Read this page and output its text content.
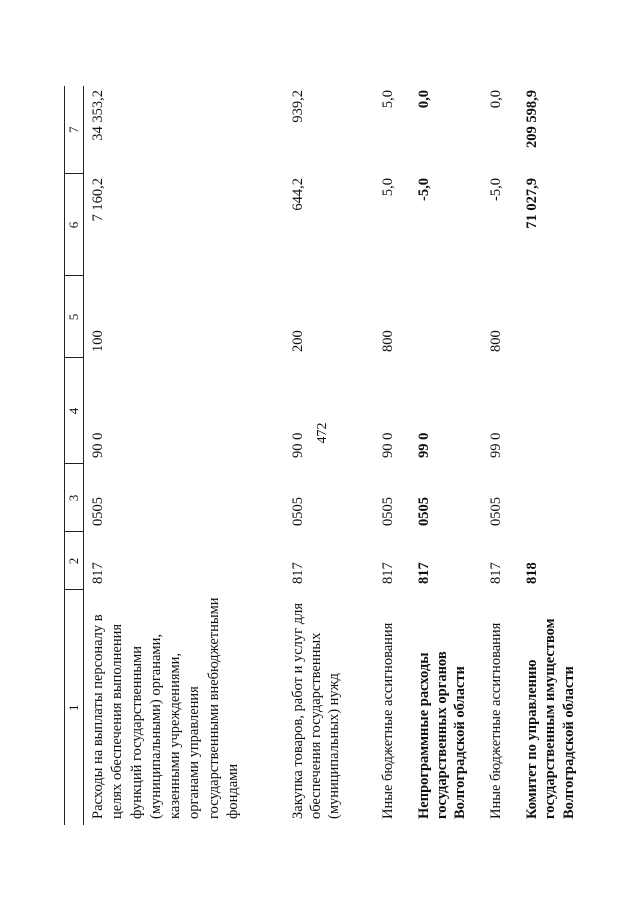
472
1	2	3	4	5	6	7
Расходы на выплаты персоналу в целях обеспечения выполнения функций государственными (муниципальными) органами, казенными учреждениями, органами управления государственными внебюджетными фондами	817	0505	90 0	100	7 160,2	34 353,2
Закупка товаров, работ и услуг для обеспечения государственных (муниципальных) нужд	817	0505	90 0	200	644,2	939,2
Иные бюджетные ассигнования	817	0505	90 0	800	5,0	5,0
Непрограммные расходы государственных органов Волгоградской области	817	0505	99 0		-5,0	0,0
Иные бюджетные ассигнования	817	0505	99 0	800	-5,0	0,0
Комитет по управлению государственным имуществом Волгоградской области	818				71 027,9	209 598,9
